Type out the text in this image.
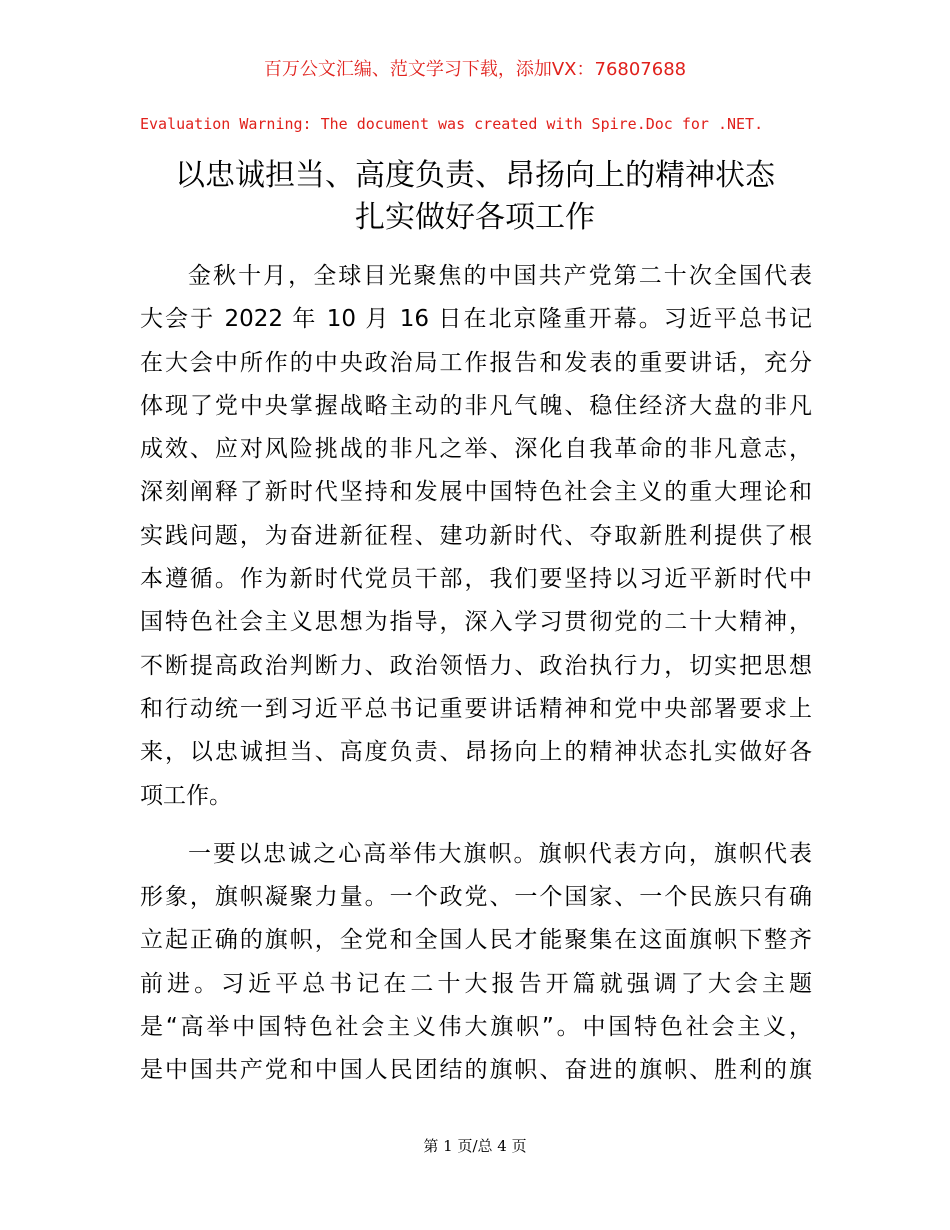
百万公文汇编、范文学习下载，添加VX：76807688
Evaluation Warning: The document was created with Spire.Doc for .NET.
以忠诚担当、高度负责、昂扬向上的精神状态
扎实做好各项工作
金秋十月，全球目光聚焦的中国共产党第二十次全国代表
大会于 2022 年 10 月 16 日在北京隆重开幕。习近平总书记
在大会中所作的中央政治局工作报告和发表的重要讲话，充分
体现了党中央掌握战略主动的非凡气魄、稳住经济大盘的非凡
成效、应对风险挑战的非凡之举、深化自我革命的非凡意志，
深刻阐释了新时代坚持和发展中国特色社会主义的重大理论和
实践问题，为奋进新征程、建功新时代、夺取新胜利提供了根
本遵循。作为新时代党员干部，我们要坚持以习近平新时代中
国特色社会主义思想为指导，深入学习贯彻党的二十大精神，
不断提高政治判断力、政治领悟力、政治执行力，切实把思想
和行动统一到习近平总书记重要讲话精神和党中央部署要求上
来，以忠诚担当、高度负责、昂扬向上的精神状态扎实做好各
项工作。
一要以忠诚之心高举伟大旗帜。旗帜代表方向，旗帜代表
形象，旗帜凝聚力量。一个政党、一个国家、一个民族只有确
立起正确的旗帜，全党和全国人民才能聚集在这面旗帜下整齐
前进。习近平总书记在二十大报告开篇就强调了大会主题
是“高举中国特色社会主义伟大旗帜”。中国特色社会主义，
是中国共产党和中国人民团结的旗帜、奋进的旗帜、胜利的旗
第 1 页/总 4 页
